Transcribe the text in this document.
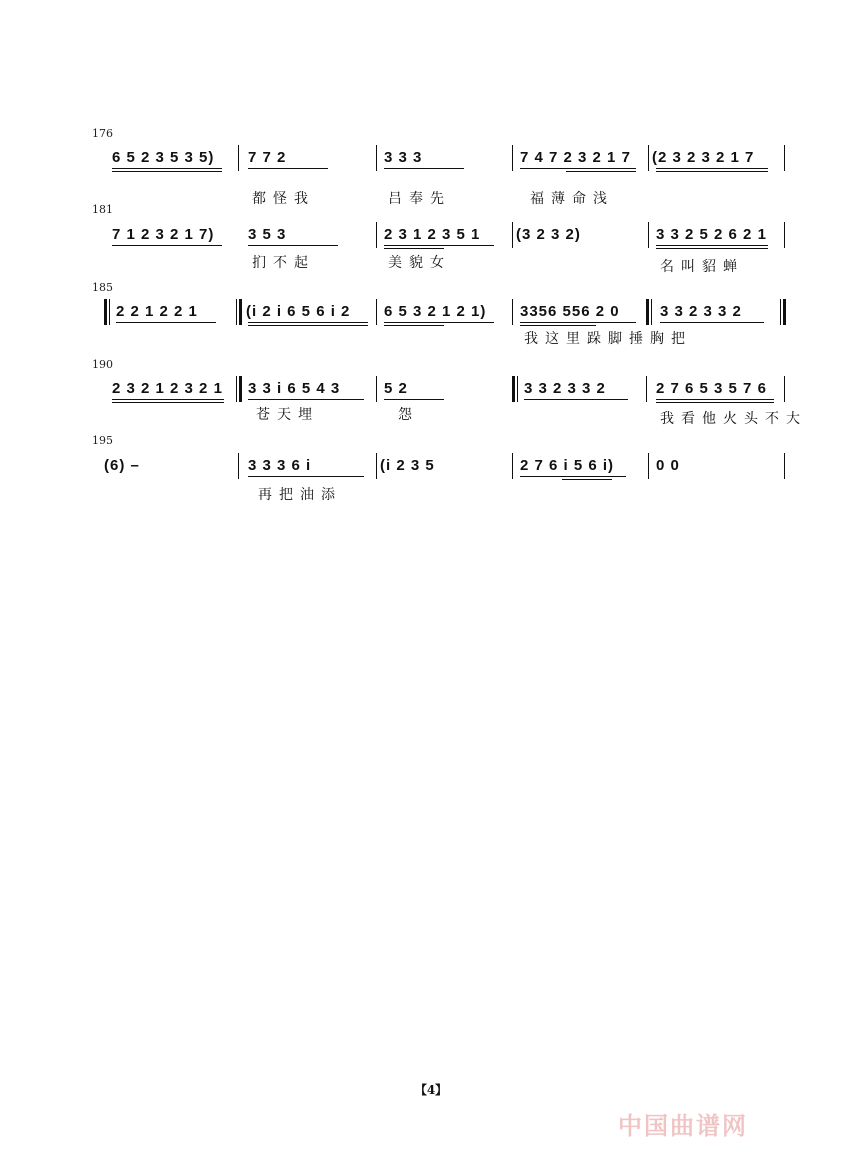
176
6 5 2 3 5 3 5) 7 7 2
都怪我
3 3 3
吕奉先
7 4 7 2 3 2 1 7
福薄命浅
(2 3 2 3 2 1 7
181
7 1 2 3 2 1 7) 3 5 3
扪不起
2 3 1 2 3 5 1
美貌女
(3 2 3 2)	3 3 2 5 2 6 2 1
名叫貂蝉
185
2 2 1 2 2 1	(i 2 i 6 5 6 i 2 6 5 3 2 1 2 1) 3356 556 2 0
我这里跺脚捶胸把
3 3 2 3 3 2
190
2 3 2 1 2 3 2 1 3 3 i 6 5 4 3
苍天埋
5 2
怨
3 3 2 3 3 2	2 7 6 5 3 5 7 6
我看他火头不大
195
(6) –	3 3 3 6 i
再把油添
(i 2 3 5	2 7 6 i 5 6 i)	0 0
【4】
中国曲谱网
